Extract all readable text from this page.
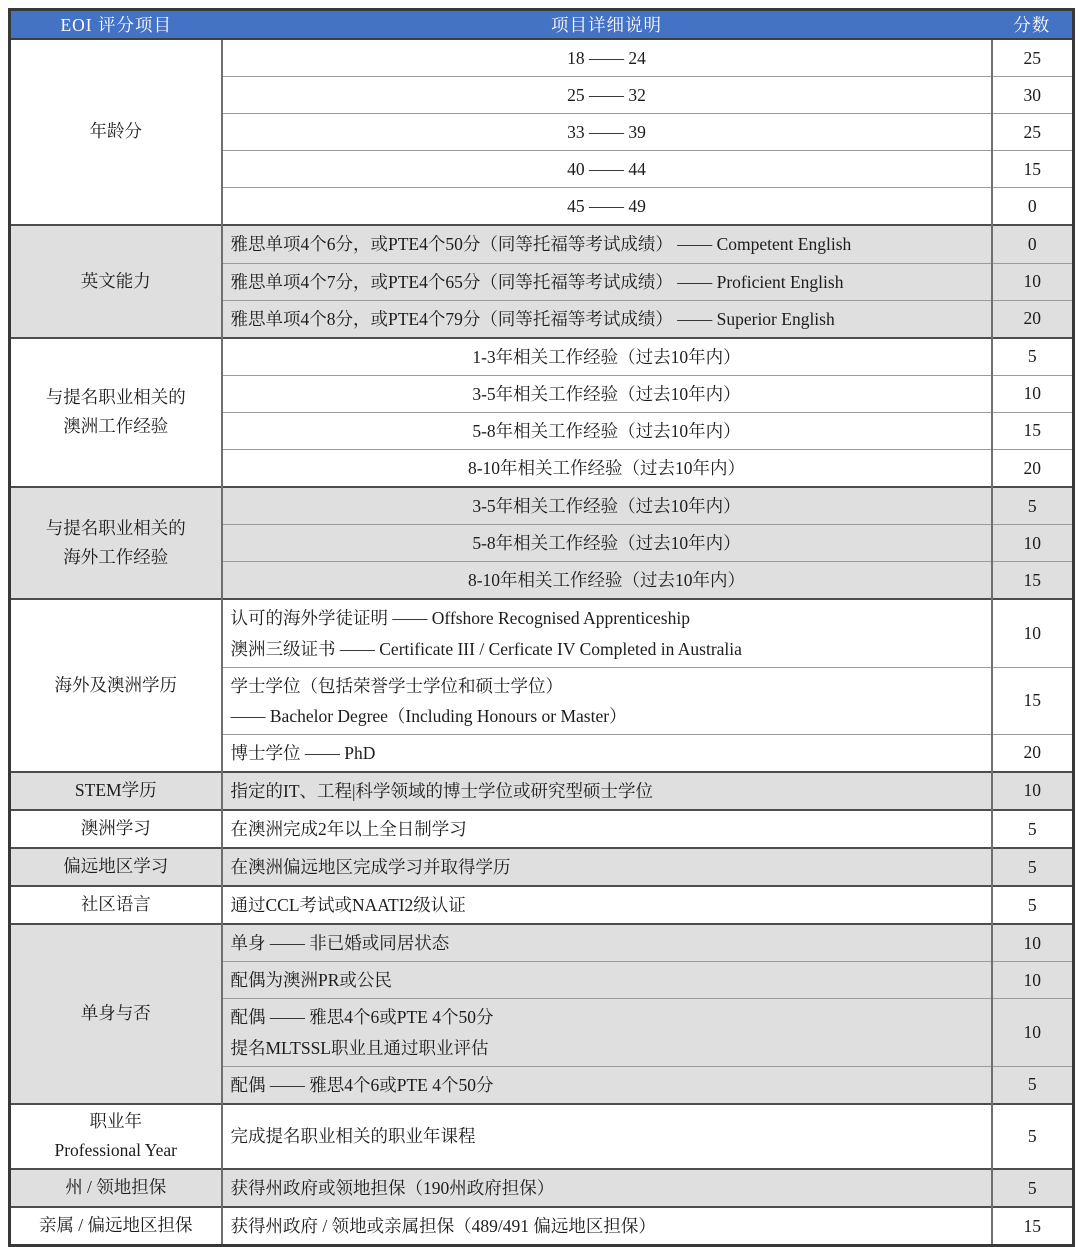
EOI 评分项目	项目详细说明	分数

年龄分	18 —— 24	25

	25 —— 32	30

	33 —— 39	25

	40 —— 44	15

	45 —— 49	0

英文能力	雅思单项4个6分，或PTE4个50分（同等托福等考试成绩） —— Competent English	0

	雅思单项4个7分，或PTE4个65分（同等托福等考试成绩） —— Proficient English	10

	雅思单项4个8分，或PTE4个79分（同等托福等考试成绩） —— Superior English	20

与提名职业相关的
澳洲工作经验	1-3年相关工作经验（过去10年内）	5

	3-5年相关工作经验（过去10年内）	10

	5-8年相关工作经验（过去10年内）	15

	8-10年相关工作经验（过去10年内）	20

与提名职业相关的
海外工作经验	3-5年相关工作经验（过去10年内）	5

	5-8年相关工作经验（过去10年内）	10

	8-10年相关工作经验（过去10年内）	15

海外及澳洲学历	认可的海外学徒证明 —— Offshore Recognised Apprenticeship
澳洲三级证书 —— Certificate III / Cerficate IV Completed in Australia	10

	学士学位（包括荣誉学士学位和硕士学位）
—— Bachelor Degree（Including Honours or Master）	15

	博士学位 —— PhD	20

STEM学历	指定的IT、工程|科学领域的博士学位或研究型硕士学位	10

澳洲学习	在澳洲完成2年以上全日制学习	5

偏远地区学习	在澳洲偏远地区完成学习并取得学历	5

社区语言	通过CCL考试或NAATI2级认证	5

单身与否	单身 —— 非已婚或同居状态	10

	配偶为澳洲PR或公民	10

	配偶 —— 雅思4个6或PTE 4个50分
提名MLTSSL职业且通过职业评估	10

	配偶 —— 雅思4个6或PTE 4个50分	5

职业年
Professional Year	完成提名职业相关的职业年课程	5

州 / 领地担保	获得州政府或领地担保（190州政府担保）	5

亲属 / 偏远地区担保	获得州政府 / 领地或亲属担保（489/491 偏远地区担保）	15
